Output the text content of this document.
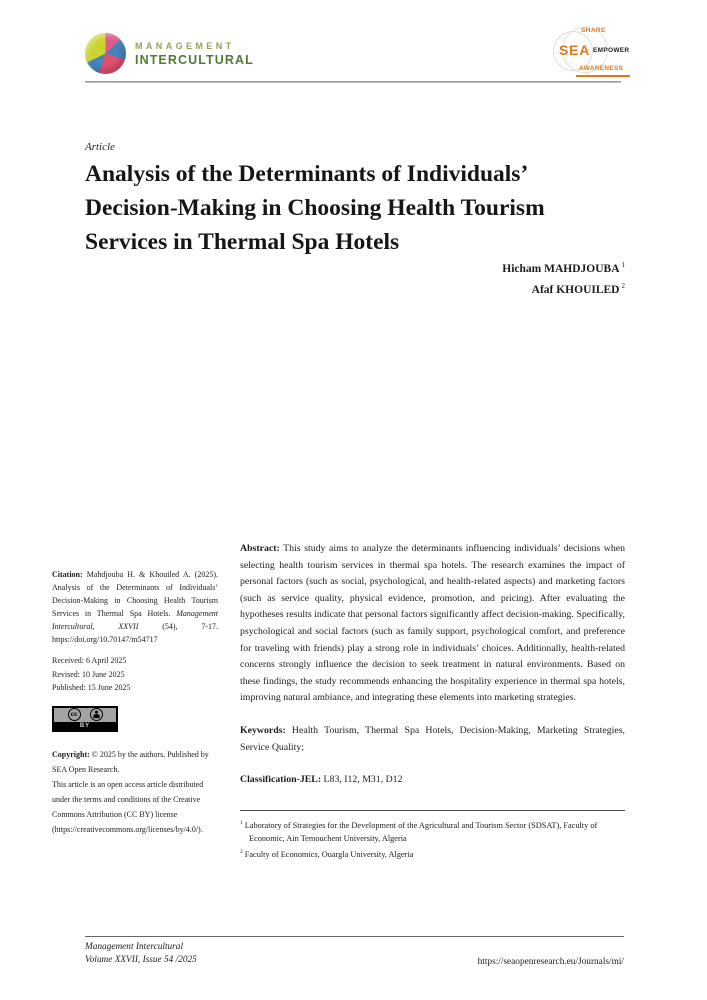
MANAGEMENT
INTERCULTURAL
SHARE
SEA EMPOWER
AWARENESS
Article
Analysis of the Determinants of Individuals’
Decision-Making in Choosing Health Tourism
Services in Thermal Spa Hotels
Hicham MAHDJOUBA $^1$
Afaf KHOUILED $^2$

Citation: Mahdjouba H. & Khouiled A. (2025). Analysis of the Determinants of Individuals’ Decision-Making in Choosing Health Tourism Services in Thermal Spa Hotels. Management Intercultural, XXVII (54), 7-17. https://doi.org/10.70147/m54717

Received: 6 April 2025
Revised: 10 June 2025
Published: 15 June 2025
cc
BY

Copyright: © 2025 by the authors. Published by SEA Open Research.
This article is an open access article distributed under the terms and conditions of the Creative Commons Attribution (CC BY) license (https://creativecommons.org/licenses/by/4.0/).

Abstract: This study aims to analyze the determinants influencing individuals’ decisions when selecting health tourism services in thermal spa hotels. The research examines the impact of personal factors (such as social, psychological, and health-related aspects) and marketing factors (such as service quality, physical evidence, promotion, and pricing). After evaluating the hypotheses results indicate that personal factors significantly affect decision-making. Specifically, psychological and social factors (such as family support, psychological comfort, and preference for traveling with friends) play a strong role in individuals’ choices. Additionally, health-related concerns strongly influence the decision to seek treatment in natural environments. Based on these findings, the study recommends enhancing the hospitality experience in thermal spa hotels, improving natural ambiance, and integrating these elements into marketing strategies.

Keywords: Health Tourism, Thermal Spa Hotels, Decision-Making, Marketing Strategies, Service Quality;

Classification-JEL: L83, I12, M31, D12

$^1$ Laboratory of Strategies for the Development of the Agricultural and Tourism Sector (SDSAT), Faculty of Economic, Ain Temouchent University, Algeria
$^2$ Faculty of Economics, Ouargla University, Algeria
Management Intercultural
Volume XXVII, Issue 54 /2025	https://seaopenresearch.eu/Journals/mi/
